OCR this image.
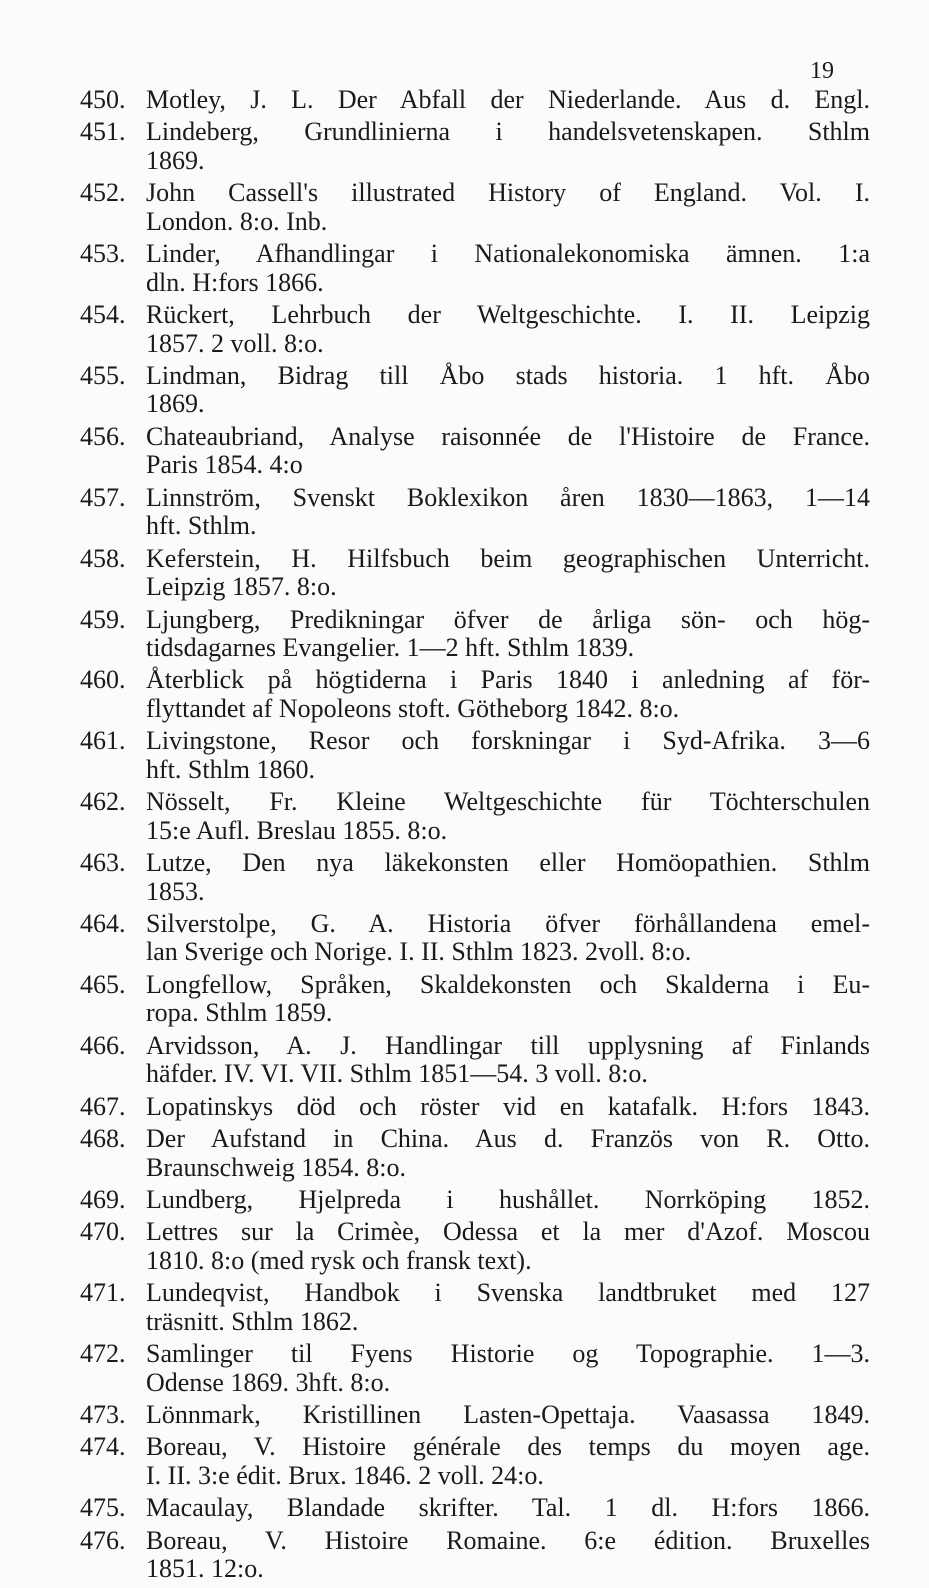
19
450. Motley, J. L. Der Abfall der Niederlande. Aus d. Engl.
451. Lindeberg, Grundlinierna i handelsvetenskapen. Sthlm
1869.
452. John Cassell's illustrated History of England. Vol. I.
London. 8:o. Inb.
453. Linder, Afhandlingar i Nationalekonomiska ämnen. 1:a
dln. H:fors 1866.
454. Rückert, Lehrbuch der Weltgeschichte. I. II. Leipzig
1857. 2 voll. 8:o.
455. Lindman, Bidrag till Åbo stads historia. 1 hft. Åbo
1869.
456. Chateaubriand, Analyse raisonnée de l'Histoire de France.
Paris 1854. 4:o
457. Linnström, Svenskt Boklexikon åren 1830—1863, 1—14
hft. Sthlm.
458. Keferstein, H. Hilfsbuch beim geographischen Unterricht.
Leipzig 1857. 8:o.
459. Ljungberg, Predikningar öfver de årliga sön- och hög-
tidsdagarnes Evangelier. 1—2 hft. Sthlm 1839.
460. Återblick på högtiderna i Paris 1840 i anledning af för-
flyttandet af Nopoleons stoft. Götheborg 1842. 8:o.
461. Livingstone, Resor och forskningar i Syd-Afrika. 3—6
hft. Sthlm 1860.
462. Nösselt, Fr. Kleine Weltgeschichte für Töchterschulen
15:e Aufl. Breslau 1855. 8:o.
463. Lutze, Den nya läkekonsten eller Homöopathien. Sthlm
1853.
464. Silverstolpe, G. A. Historia öfver förhållandena emel-
lan Sverige och Norige. I. II. Sthlm 1823. 2voll. 8:o.
465. Longfellow, Språken, Skaldekonsten och Skalderna i Eu-
ropa. Sthlm 1859.
466. Arvidsson, A. J. Handlingar till upplysning af Finlands
häfder. IV. VI. VII. Sthlm 1851—54. 3 voll. 8:o.
467. Lopatinskys död och röster vid en katafalk. H:fors 1843.
468. Der Aufstand in China. Aus d. Französ von R. Otto.
Braunschweig 1854. 8:o.
469. Lundberg, Hjelpreda i hushållet. Norrköping 1852.
470. Lettres sur la Crimèe, Odessa et la mer d'Azof. Moscou
1810. 8:o (med rysk och fransk text).
471. Lundeqvist, Handbok i Svenska landtbruket med 127
träsnitt. Sthlm 1862.
472. Samlinger til Fyens Historie og Topographie. 1—3.
Odense 1869. 3hft. 8:o.
473. Lönnmark, Kristillinen Lasten-Opettaja. Vaasassa 1849.
474. Boreau, V. Histoire générale des temps du moyen age.
I. II. 3:e édit. Brux. 1846. 2 voll. 24:o.
475. Macaulay, Blandade skrifter. Tal. 1 dl. H:fors 1866.
476. Boreau, V. Histoire Romaine. 6:e édition. Bruxelles
1851. 12:o.
